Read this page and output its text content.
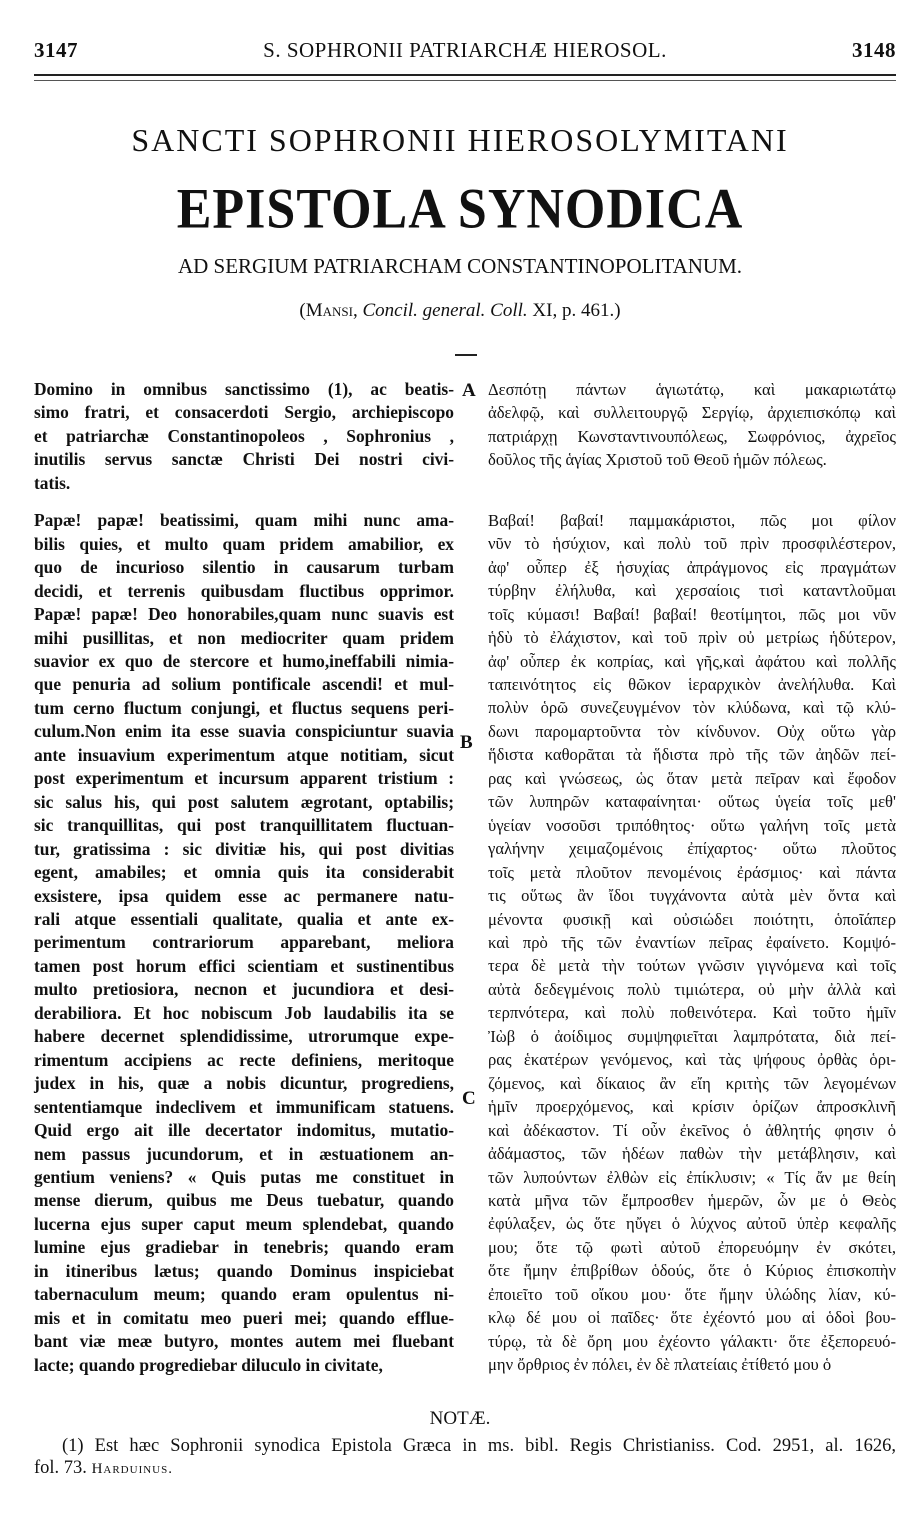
3147	S. SOPHRONII PATRIARCHÆ HIEROSOL.	3148
SANCTI SOPHRONII HIEROSOLYMITANI
EPISTOLA SYNODICA
AD SERGIUM PATRIARCHAM CONSTANTINOPOLITANUM.
(Mansi, Concil. general. Coll. XI, p. 461.)

Domino in omnibus sanctissimo (1), ac beatis-
simo fratri, et consacerdoti Sergio, archiepiscopo
et patriarchæ Constantinopoleos , Sophronius ,
inutilis servus sanctæ Christi Dei nostri civi-
tatis.

Papæ! papæ! beatissimi, quam mihi nunc ama-
bilis quies, et multo quam pridem amabilior, ex
quo de incurioso silentio in causarum turbam
decidi, et terrenis quibusdam fluctibus opprimor.
Papæ! papæ! Deo honorabiles,quam nunc suavis est
mihi pusillitas, et non mediocriter quam pridem
suavior ex quo de stercore et humo,ineffabili nimia-
que penuria ad solium pontificale ascendi! et mul-
tum cerno fluctum conjungi, et fluctus sequens peri-
culum.Non enim ita esse suavia conspiciuntur suavia
ante insuavium experimentum atque notitiam, sicut
post experimentum et incursum apparent tristium :
sic salus his, qui post salutem ægrotant, optabilis;
sic tranquillitas, qui post tranquillitatem fluctuan-
tur, gratissima : sic divitiæ his, qui post divitias
egent, amabiles; et omnia quis ita considerabit
exsistere, ipsa quidem esse ac permanere natu-
rali atque essentiali qualitate, qualia et ante ex-
perimentum contrariorum apparebant, meliora
tamen post horum effici scientiam et sustinentibus
multo pretiosiora, necnon et jucundiora et desi-
derabiliora. Et hoc nobiscum Job laudabilis ita se
habere decernet splendidissime, utrorumque expe-
rimentum accipiens ac recte definiens, meritoque
judex in his, quæ a nobis dicuntur, progrediens,
sententiamque indeclivem et immunificam statuens.
Quid ergo ait ille decertator indomitus, mutatio-
nem passus jucundorum, et in æstuationem an-
gentium veniens? « Quis putas me constituet in
mense dierum, quibus me Deus tuebatur, quando
lucerna ejus super caput meum splendebat, quando
lumine ejus gradiebar in tenebris; quando eram
in itineribus lætus; quando Dominus inspiciebat
tabernaculum meum; quando eram opulentus ni-
mis et in comitatu meo pueri mei; quando effluе-
bant viæ meæ butyro, montes autem mei fluebant
lacte; quando progrediebar diluculo in civitate,

Δεσπότῃ πάντων ἁγιωτάτῳ, καὶ μακαριωτάτῳ
ἀδελφῷ, καὶ συλλειτουργῷ Σεργίῳ, ἀρχιεπισκόπῳ καὶ
πατριάρχῃ Κωνσταντινουπόλεως, Σωφρόνιος, ἀχρεῖος
δοῦλος τῆς ἁγίας Χριστοῦ τοῦ Θεοῦ ἡμῶν πόλεως.

Βαβαί! βαβαί! παμμακάριστοι, πῶς μοι φίλον
νῦν τὸ ἡσύχιον, καὶ πολὺ τοῦ πρὶν προσφιλέστερον,
ἀφ' οὗπερ ἐξ ἡσυχίας ἀπράγμονος εἰς πραγμάτων
τύρβην ἐλήλυθα, καὶ χερσαίοις τισὶ καταντλοῦμαι
τοῖς κύμασι! Βαβαί! βαβαί! θεοτίμητοι, πῶς μοι νῦν
ἡδὺ τὸ ἐλάχιστον, καὶ τοῦ πρὶν οὐ μετρίως ἡδύτερον,
ἀφ' οὗπερ ἐκ κοπρίας, καὶ γῆς,καὶ ἀφάτου καὶ πολλῆς
ταπεινότητος εἰς θῶκον ἱεραρχικὸν ἀνελήλυθα. Καὶ
πολὺν ὁρῶ συνεζευγμένον τὸν κλύδωνα, καὶ τῷ κλύ-
δωνι παρομαρτοῦντα τὸν κίνδυνον. Οὐχ οὕτω γὰρ
ἥδιστα καθορᾶται τὰ ἥδιστα πρὸ τῆς τῶν ἀηδῶν πεί-
ρας καὶ γνώσεως, ὡς ὅταν μετὰ πεῖραν καὶ ἔφοδον
τῶν λυπηρῶν καταφαίνηται· οὕτως ὑγεία τοῖς μεθ'
ὑγείαν νοσοῦσι τριπόθητος· οὕτω γαλήνη τοῖς μετὰ
γαλήνην χειμαζομένοις ἐπίχαρτος· οὕτω πλοῦτος
τοῖς μετὰ πλοῦτον πενομένοις ἐράσμιος· καὶ πάντα
τις οὕτως ἂν ἴδοι τυγχάνοντα αὐτὰ μὲν ὄντα καὶ
μένοντα φυσικῇ καὶ οὐσιώδει ποιότητι, ὁποῖάπερ
καὶ πρὸ τῆς τῶν ἐναντίων πεῖρας ἐφαίνετο. Κομψό-
τερα δὲ μετὰ τὴν τούτων γνῶσιν γιγνόμενα καὶ τοῖς
αὐτὰ δεδεγμένοις πολὺ τιμιώτερα, οὐ μὴν ἀλλὰ καὶ
τερπνότερα, καὶ πολὺ ποθεινότερα. Καὶ τοῦτο ἡμῖν
Ἰὼβ ὁ ἀοίδιμος συμψηφιεῖται λαμπρότατα, διὰ πεί-
ρας ἑκατέρων γενόμενος, καὶ τὰς ψήφους ὀρθὰς ὁρι-
ζόμενος, καὶ δίκαιος ἂν εἴη κριτὴς τῶν λεγομένων
ἡμῖν προερχόμενος, καὶ κρίσιν ὁρίζων ἀπροσκλινῆ
καὶ ἀδέκαστον. Τί οὖν ἐκεῖνος ὁ ἀθλητής φησιν ὁ
ἀδάμαστος, τῶν ἡδέων παθὼν τὴν μετάβλησιν, καὶ
τῶν λυπούντων ἐλθὼν εἰς ἐπίκλυσιν; « Τίς ἄν με θείη
κατὰ μῆνα τῶν ἔμπροσθεν ἡμερῶν, ὧν με ὁ Θεὸς
ἐφύλαξεν, ὡς ὅτε ηὔγει ὁ λύχνος αὐτοῦ ὑπὲρ κεφαλῆς
μου; ὅτε τῷ φωτὶ αὐτοῦ ἐπορευόμην ἐν σκότει,
ὅτε ἤμην ἐπιβρίθων ὁδούς, ὅτε ὁ Κύριος ἐπισκοπὴν
ἐποιεῖτο τοῦ οἴκου μου· ὅτε ἤμην ὑλώδης λίαν, κύ-
κλῳ δέ μου οἱ παῖδες· ὅτε ἐχέοντό μου αἱ ὁδοὶ βου-
τύρῳ, τὰ δὲ ὄρη μου ἐχέοντο γάλακτι· ὅτε ἐξεπορευό-
μην ὄρθριος ἐν πόλει, ἐν δὲ πλατείαις ἐτίθετό μου ὁ

A
B
C
NOTÆ.
(1) Est hæc Sophronii synodica Epistola Græca in ms. bibl. Regis Christianiss. Cod. 2951, al. 1626,
fol. 73. Harduinus.
